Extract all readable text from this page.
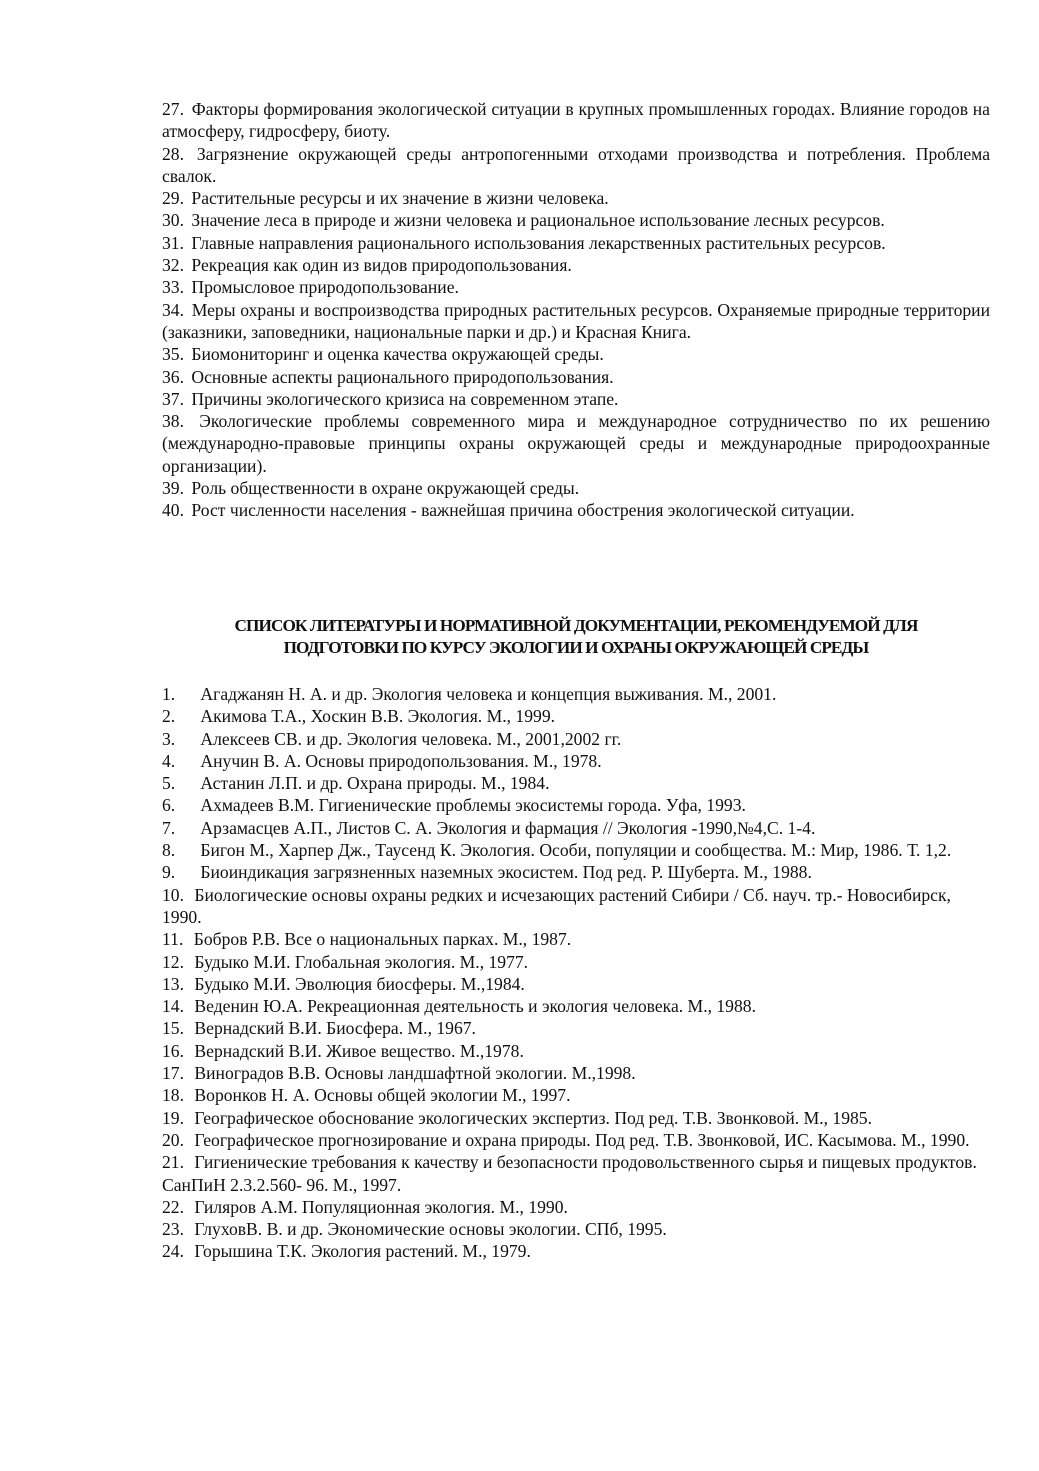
27. Факторы формирования экологической ситуации в крупных промышленных городах. Влияние городов на атмосферу, гидросферу, биоту.
28. Загрязнение окружающей среды антропогенными отходами производства и потребления. Проблема свалок.
29. Растительные ресурсы и их значение в жизни человека.
30. Значение леса в природе и жизни человека и рациональное использование лесных ресурсов.
31. Главные направления рационального использования лекарственных растительных ресурсов.
32. Рекреация как один из видов природопользования.
33. Промысловое природопользование.
34. Меры охраны и воспроизводства природных растительных ресурсов. Охраняемые природные территории (заказники, заповедники, национальные парки и др.) и Красная Книга.
35. Биомониторинг и оценка качества окружающей среды.
36. Основные аспекты рационального природопользования.
37. Причины экологического кризиса на современном этапе.
38. Экологические проблемы современного мира и международное сотрудничество по их решению (международно-правовые принципы охраны окружающей среды и международные природоохранные организации).
39. Роль общественности в охране окружающей среды.
40. Рост численности населения - важнейшая причина обострения экологической ситуации.
СПИСОК ЛИТЕРАТУРЫ И НОРМАТИВНОЙ ДОКУМЕНТАЦИИ, РЕКОМЕНДУЕМОЙ ДЛЯ
ПОДГОТОВКИ ПО КУРСУ ЭКОЛОГИИ И ОХРАНЫ ОКРУЖАЮЩЕЙ СРЕДЫ
1. Агаджанян Н. А. и др. Экология человека и концепция выживания. М., 2001.
2. Акимова Т.А., Хоскин В.В. Экология. М., 1999.
3. Алексеев СВ. и др. Экология человека. М., 2001,2002 гг.
4. Анучин В. А. Основы природопользования. М., 1978.
5. Астанин Л.П. и др. Охрана природы. М., 1984.
6. Ахмадеев В.М. Гигиенические проблемы экосистемы города. Уфа, 1993.
7. Арзамасцев А.П., Листов С. А. Экология и фармация // Экология -1990,№4,С. 1-4.
8. Бигон М., Харпер Дж., Таусенд К. Экология. Особи, популяции и сообщества. М.: Мир, 1986. Т. 1,2.
9. Биоиндикация загрязненных наземных экосистем. Под ред. Р. Шуберта. М., 1988.
10. Биологические основы охраны редких и исчезающих растений Сибири / Сб. науч. тр.- Новосибирск, 1990.
11. Бобров Р.В. Все о национальных парках. М., 1987.
12. Будыко М.И. Глобальная экология. М., 1977.
13. Будыко М.И. Эволюция биосферы. М.,1984.
14. Веденин Ю.А. Рекреационная деятельность и экология человека. М., 1988.
15. Вернадский В.И. Биосфера. М., 1967.
16. Вернадский В.И. Живое вещество. М.,1978.
17. Виноградов В.В. Основы ландшафтной экологии. М.,1998.
18. Воронков Н. А. Основы общей экологии М., 1997.
19. Географическое обоснование экологических экспертиз. Под ред. Т.В. Звонковой. М., 1985.
20. Географическое прогнозирование и охрана природы. Под ред. Т.В. Звонковой, ИС. Касымова. М., 1990.
21. Гигиенические требования к качеству и безопасности продовольственного сырья и пищевых продуктов. СанПиН 2.3.2.560- 96. М., 1997.
22. Гиляров А.М. Популяционная экология. М., 1990.
23. ГлуховВ. В. и др. Экономические основы экологии. СПб, 1995.
24. Горышина Т.К. Экология растений. М., 1979.
